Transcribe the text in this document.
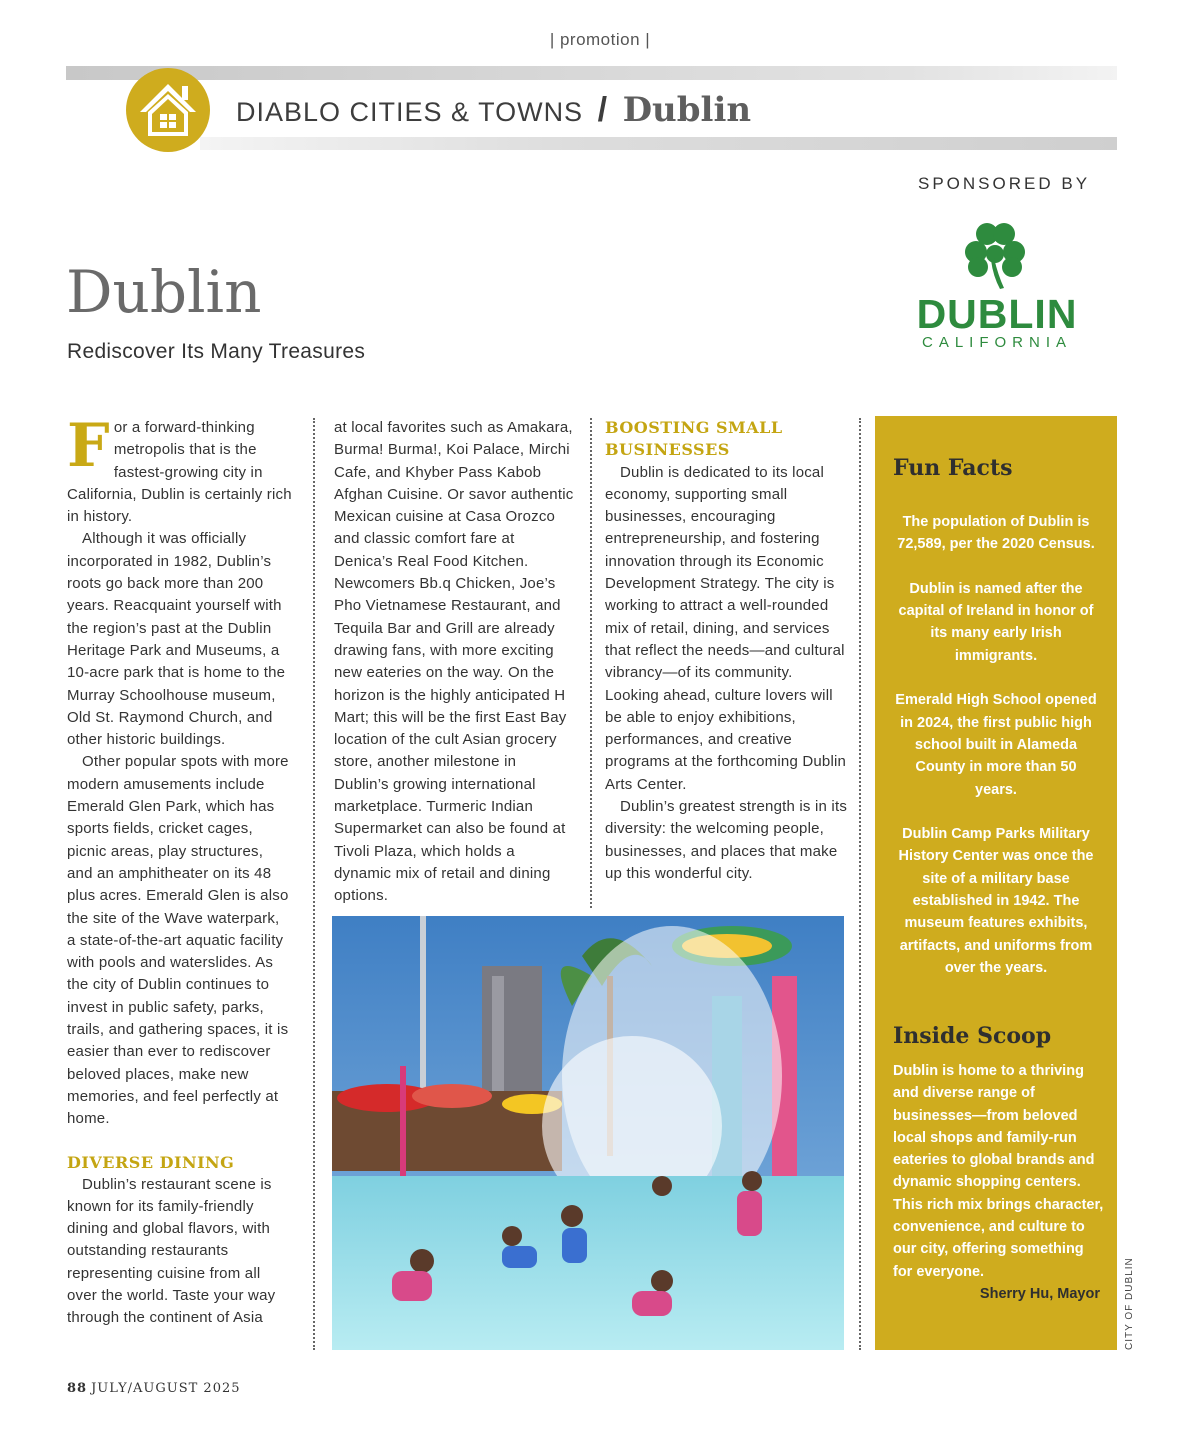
| promotion |
DIABLO CITIES & TOWNS / Dublin
SPONSORED BY
DUBLIN
CALIFORNIA
Dublin
Rediscover Its Many Treasures

For a forward-thinking metropolis that is the fastest-growing city in California, Dublin is certainly rich in history.

Although it was officially incorporated in 1982, Dublin’s roots go back more than 200 years. Reacquaint yourself with the region’s past at the Dublin Heritage Park and Museums, a 10-acre park that is home to the Murray Schoolhouse museum, Old St. Raymond Church, and other historic buildings.

Other popular spots with more modern amusements include Emerald Glen Park, which has sports fields, cricket cages, picnic areas, play structures, and an amphitheater on its 48 plus acres. Emerald Glen is also the site of the Wave waterpark, a state-of-the-art aquatic facility with pools and waterslides. As the city of Dublin continues to invest in public safety, parks, trails, and gathering spaces, it is easier than ever to rediscover beloved places, make new memories, and feel perfectly at home.

DIVERSE DINING

Dublin’s restaurant scene is known for its family-friendly dining and global flavors, with outstanding restaurants representing cuisine from all over the world. Taste your way through the continent of Asia

at local favorites such as Amakara, Burma! Burma!, Koi Palace, Mirchi Cafe, and Khyber Pass Kabob Afghan Cuisine. Or savor authentic Mexican cuisine at Casa Orozco and classic comfort fare at Denica’s Real Food Kitchen. Newcomers Bb.q Chicken, Joe’s Pho Vietnamese Restaurant, and Tequila Bar and Grill are already drawing fans, with more exciting new eateries on the way. On the horizon is the highly anticipated H Mart; this will be the first East Bay location of the cult Asian grocery store, another milestone in Dublin’s growing international marketplace. Turmeric Indian Supermarket can also be found at Tivoli Plaza, which holds a dynamic mix of retail and dining options.

BOOSTING SMALL BUSINESSES

Dublin is dedicated to its local economy, supporting small businesses, encouraging entrepreneurship, and fostering innovation through its Economic Development Strategy. The city is working to attract a well-rounded mix of retail, dining, and services that reflect the needs—and cultural vibrancy—of its community. Looking ahead, culture lovers will be able to enjoy exhibitions, performances, and creative programs at the forthcoming Dublin Arts Center.

Dublin’s greatest strength is in its diversity: the welcoming people, businesses, and places that make up this wonderful city.

Fun Facts

The population of Dublin is 72,589, per the 2020 Census.

Dublin is named after the capital of Ireland in honor of its many early Irish immigrants.

Emerald High School opened in 2024, the first public high school built in Alameda County in more than 50 years.

Dublin Camp Parks Military History Center was once the site of a military base established in 1942. The museum features exhibits, artifacts, and uniforms from over the years.

Inside Scoop
Dublin is home to a thriving and diverse range of businesses—from beloved local shops and family-run eateries to global brands and dynamic shopping centers. This rich mix brings character, convenience, and culture to our city, offering something for everyone.
Sherry Hu, Mayor CITY OF DUBLIN
88 JULY/AUGUST 2025
